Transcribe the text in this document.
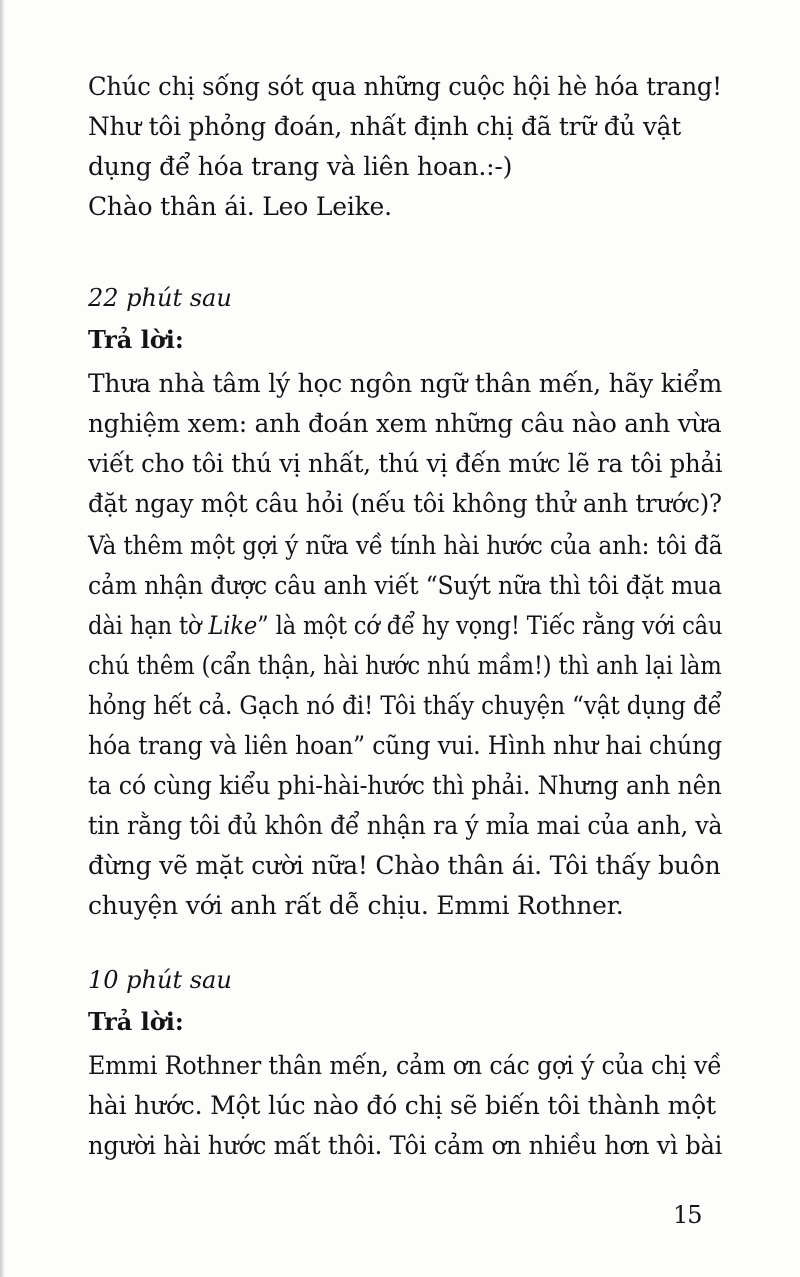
Chúc chị sống sót qua những cuộc hội hè hóa trang!
Như tôi phỏng đoán, nhất định chị đã trữ đủ vật
dụng để hóa trang và liên hoan.:-)
Chào thân ái. Leo Leike.
22 phút sau
Trả lời:
Thưa nhà tâm lý học ngôn ngữ thân mến, hãy kiểm
nghiệm xem: anh đoán xem những câu nào anh vừa
viết cho tôi thú vị nhất, thú vị đến mức lẽ ra tôi phải
đặt ngay một câu hỏi (nếu tôi không thử anh trước)?
Và thêm một gợi ý nữa về tính hài hước của anh: tôi đã
cảm nhận được câu anh viết “Suýt nữa thì tôi đặt mua
dài hạn tờ Like” là một cớ để hy vọng! Tiếc rằng với câu
chú thêm (cẩn thận, hài hước nhú mầm!) thì anh lại làm
hỏng hết cả. Gạch nó đi! Tôi thấy chuyện “vật dụng để
hóa trang và liên hoan” cũng vui. Hình như hai chúng
ta có cùng kiểu phi-hài-hước thì phải. Nhưng anh nên
tin rằng tôi đủ khôn để nhận ra ý mỉa mai của anh, và
đừng vẽ mặt cười nữa! Chào thân ái. Tôi thấy buôn
chuyện với anh rất dễ chịu. Emmi Rothner.
10 phút sau
Trả lời:
Emmi Rothner thân mến, cảm ơn các gợi ý của chị về
hài hước. Một lúc nào đó chị sẽ biến tôi thành một
người hài hước mất thôi. Tôi cảm ơn nhiều hơn vì bài
15
